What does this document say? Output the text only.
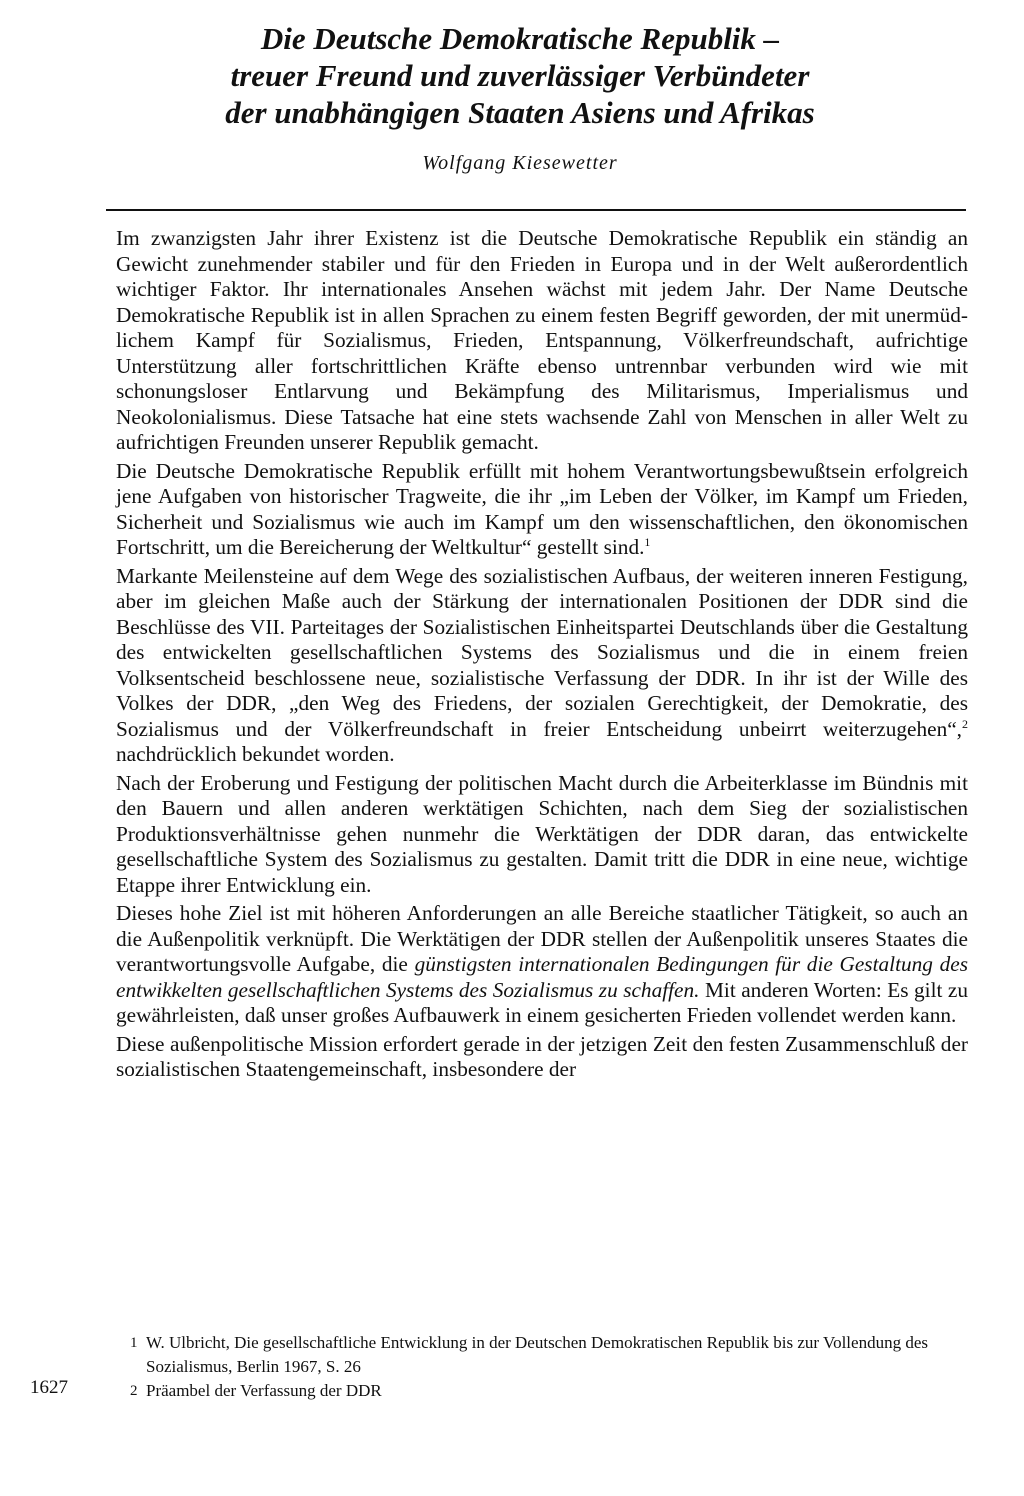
Die Deutsche Demokratische Republik –
treuer Freund und zuverlässiger Verbündeter
der unabhängigen Staaten Asiens und Afrikas
Wolfgang Kiesewetter

Im zwanzigsten Jahr ihrer Existenz ist die Deutsche Demokratische Republik ein ständig an Gewicht zunehmender stabiler und für den Frieden in Europa und in der Welt außerordentlich wichtiger Faktor. Ihr internationales Ansehen wächst mit jedem Jahr. Der Name Deutsche Demokratische Republik ist in allen Sprachen zu einem festen Begriff geworden, der mit unermüdlichem Kampf für Sozialismus, Frieden, Entspannung, Völkerfreundschaft, aufrichtige Unterstützung aller fortschrittlichen Kräfte ebenso untrennbar verbunden wird wie mit schonungsloser Entlarvung und Bekämpfung des Militarismus, Imperialismus und Neokolonialismus. Diese Tatsache hat eine stets wachsende Zahl von Menschen in aller Welt zu aufrichtigen Freunden unserer Republik gemacht.

Die Deutsche Demokratische Republik erfüllt mit hohem Verantwortungsbewußtsein erfolgreich jene Aufgaben von historischer Tragweite, die ihr „im Leben der Völker, im Kampf um Frieden, Sicherheit und Sozialismus wie auch im Kampf um den wissenschaftlichen, den ökonomischen Fortschritt, um die Bereicherung der Weltkultur“ gestellt sind.$^1$

Markante Meilensteine auf dem Wege des sozialistischen Aufbaus, der weiteren inneren Festigung, aber im gleichen Maße auch der Stärkung der internationalen Positionen der DDR sind die Beschlüsse des VII. Parteitages der Sozialistischen Einheitspartei Deutschlands über die Gestaltung des entwickelten gesellschaftlichen Systems des Sozialismus und die in einem freien Volksentscheid beschlossene neue, sozialistische Verfassung der DDR. In ihr ist der Wille des Volkes der DDR, „den Weg des Friedens, der sozialen Gerechtigkeit, der Demokratie, des Sozialismus und der Völkerfreundschaft in freier Entscheidung unbeirrt weiterzugehen“,$^2$ nachdrücklich bekundet worden.

Nach der Eroberung und Festigung der politischen Macht durch die Arbeiterklasse im Bündnis mit den Bauern und allen anderen werktätigen Schichten, nach dem Sieg der sozialistischen Produktionsverhältnisse gehen nunmehr die Werktätigen der DDR daran, das entwickelte gesellschaftliche System des Sozialismus zu gestalten. Damit tritt die DDR in eine neue, wichtige Etappe ihrer Entwicklung ein.

Dieses hohe Ziel ist mit höheren Anforderungen an alle Bereiche staatlicher Tätigkeit, so auch an die Außenpolitik verknüpft. Die Werktätigen der DDR stellen der Außenpolitik unseres Staates die verantwortungsvolle Aufgabe, die günstigsten internationalen Bedingungen für die Gestaltung des entwikkelten gesellschaftlichen Systems des Sozialismus zu schaffen. Mit anderen Worten: Es gilt zu gewährleisten, daß unser großes Aufbauwerk in einem gesicherten Frieden vollendet werden kann.

Diese außenpolitische Mission erfordert gerade in der jetzigen Zeit den festen Zusammenschluß der sozialistischen Staatengemeinschaft, insbesondere der

1 W. Ulbricht, Die gesellschaftliche Entwicklung in der Deutschen Demokratischen Republik bis zur Vollendung des Sozialismus, Berlin 1967, S. 26
2 Präambel der Verfassung der DDR
1627
